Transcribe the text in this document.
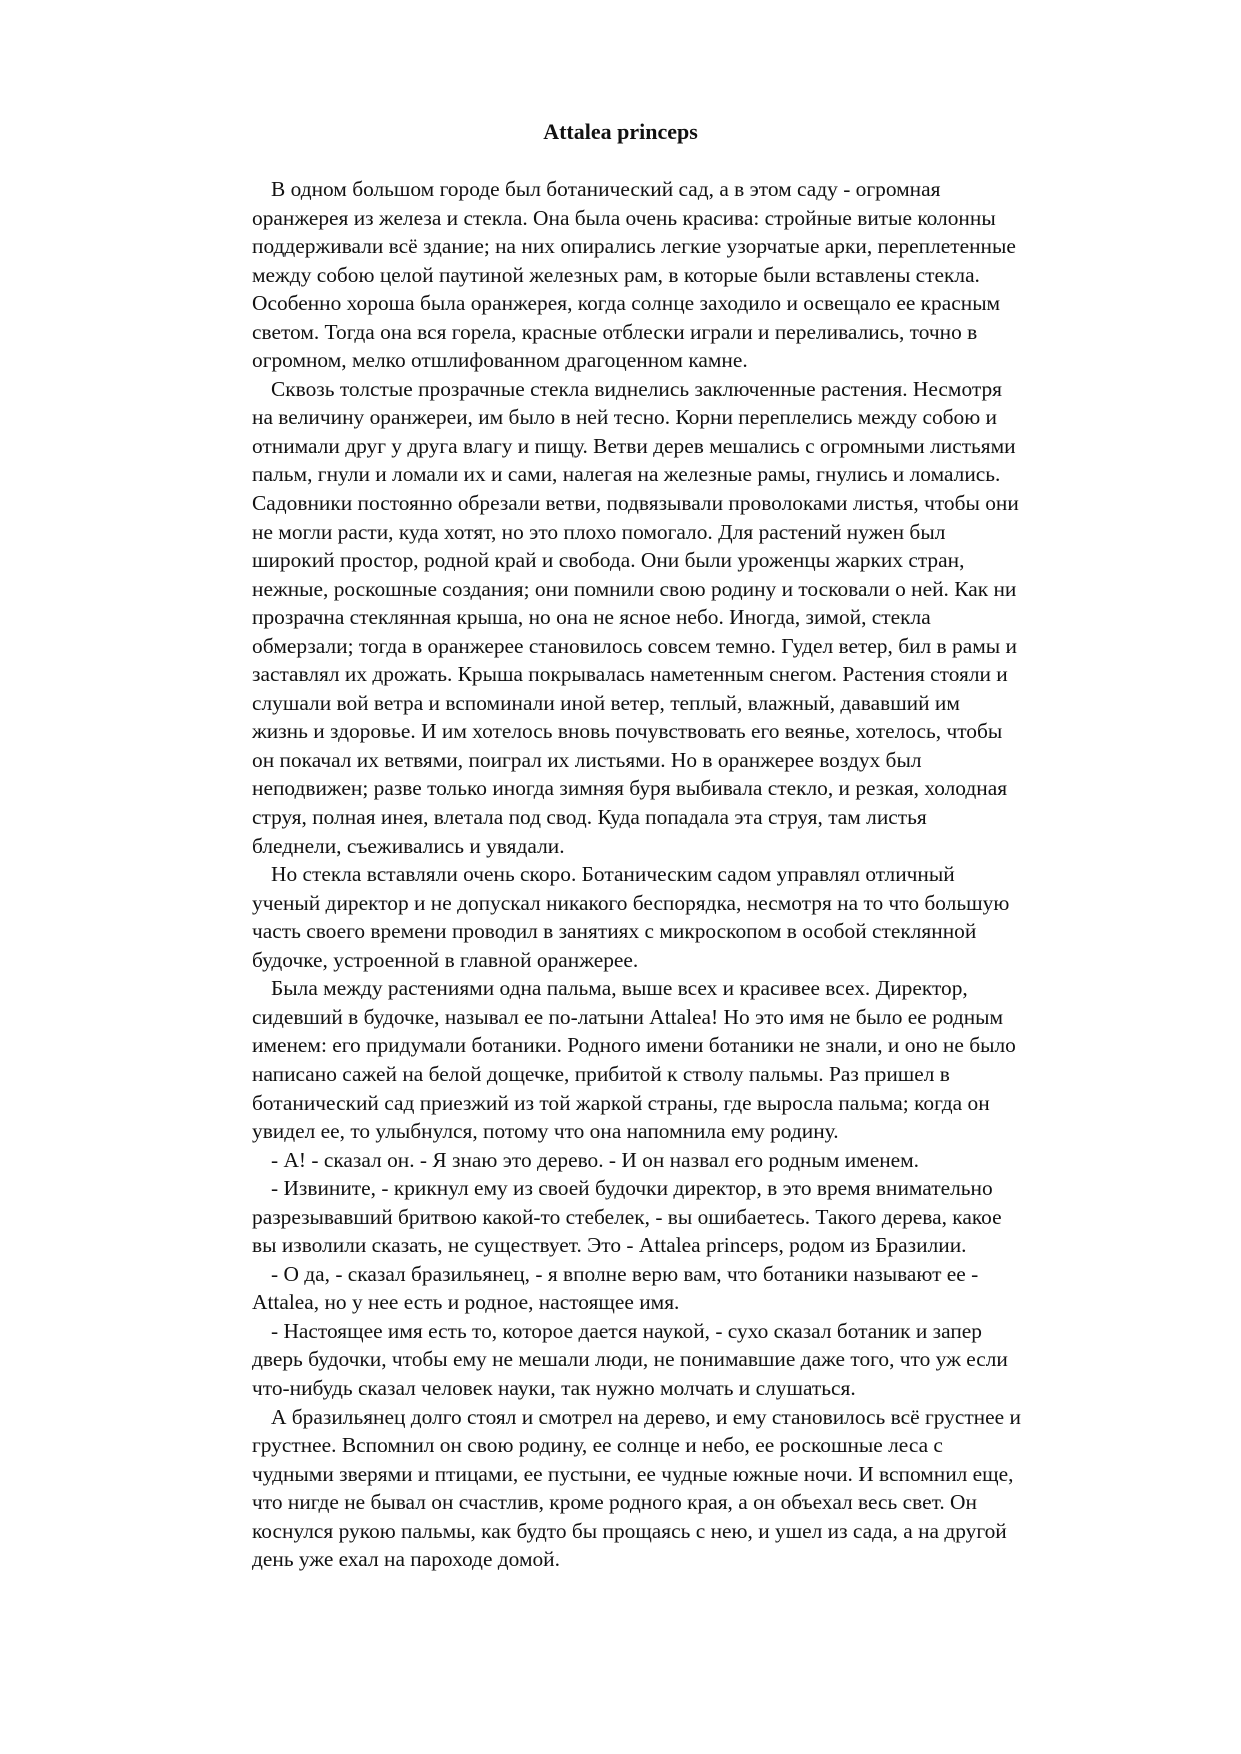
Attalea princeps
В одном большом городе был ботанический сад, а в этом саду - огромная
оранжерея из железа и стекла. Она была очень красива: стройные витые колонны
поддерживали всё здание; на них опирались легкие узорчатые арки, переплетенные
между собою целой паутиной железных рам, в которые были вставлены стекла.
Особенно хороша была оранжерея, когда солнце заходило и освещало ее красным
светом. Тогда она вся горела, красные отблески играли и переливались, точно в
огромном, мелко отшлифованном драгоценном камне.
Сквозь толстые прозрачные стекла виднелись заключенные растения. Несмотря
на величину оранжереи, им было в ней тесно. Корни переплелись между собою и
отнимали друг у друга влагу и пищу. Ветви дерев мешались с огромными листьями
пальм, гнули и ломали их и сами, налегая на железные рамы, гнулись и ломались.
Садовники постоянно обрезали ветви, подвязывали проволоками листья, чтобы они
не могли расти, куда хотят, но это плохо помогало. Для растений нужен был
широкий простор, родной край и свобода. Они были уроженцы жарких стран,
нежные, роскошные создания; они помнили свою родину и тосковали о ней. Как ни
прозрачна стеклянная крыша, но она не ясное небо. Иногда, зимой, стекла
обмерзали; тогда в оранжерее становилось совсем темно. Гудел ветер, бил в рамы и
заставлял их дрожать. Крыша покрывалась наметенным снегом. Растения стояли и
слушали вой ветра и вспоминали иной ветер, теплый, влажный, дававший им
жизнь и здоровье. И им хотелось вновь почувствовать его веянье, хотелось, чтобы
он покачал их ветвями, поиграл их листьями. Но в оранжерее воздух был
неподвижен; разве только иногда зимняя буря выбивала стекло, и резкая, холодная
струя, полная инея, влетала под свод. Куда попадала эта струя, там листья
бледнели, съеживались и увядали.
Но стекла вставляли очень скоро. Ботаническим садом управлял отличный
ученый директор и не допускал никакого беспорядка, несмотря на то что большую
часть своего времени проводил в занятиях с микроскопом в особой стеклянной
будочке, устроенной в главной оранжерее.
Была между растениями одна пальма, выше всех и красивее всех. Директор,
сидевший в будочке, называл ее по-латыни Attalea! Но это имя не было ее родным
именем: его придумали ботаники. Родного имени ботаники не знали, и оно не было
написано сажей на белой дощечке, прибитой к стволу пальмы. Раз пришел в
ботанический сад приезжий из той жаркой страны, где выросла пальма; когда он
увидел ее, то улыбнулся, потому что она напомнила ему родину.
- А! - сказал он. - Я знаю это дерево. - И он назвал его родным именем.
- Извините, - крикнул ему из своей будочки директор, в это время внимательно
разрезывавший бритвою какой-то стебелек, - вы ошибаетесь. Такого дерева, какое
вы изволили сказать, не существует. Это - Attalea princeps, родом из Бразилии.
- О да, - сказал бразильянец, - я вполне верю вам, что ботаники называют ее -
Attalea, но у нее есть и родное, настоящее имя.
- Настоящее имя есть то, которое дается наукой, - сухо сказал ботаник и запер
дверь будочки, чтобы ему не мешали люди, не понимавшие даже того, что уж если
что-нибудь сказал человек науки, так нужно молчать и слушаться.
А бразильянец долго стоял и смотрел на дерево, и ему становилось всё грустнее и
грустнее. Вспомнил он свою родину, ее солнце и небо, ее роскошные леса с
чудными зверями и птицами, ее пустыни, ее чудные южные ночи. И вспомнил еще,
что нигде не бывал он счастлив, кроме родного края, а он объехал весь свет. Он
коснулся рукою пальмы, как будто бы прощаясь с нею, и ушел из сада, а на другой
день уже ехал на пароходе домой.
